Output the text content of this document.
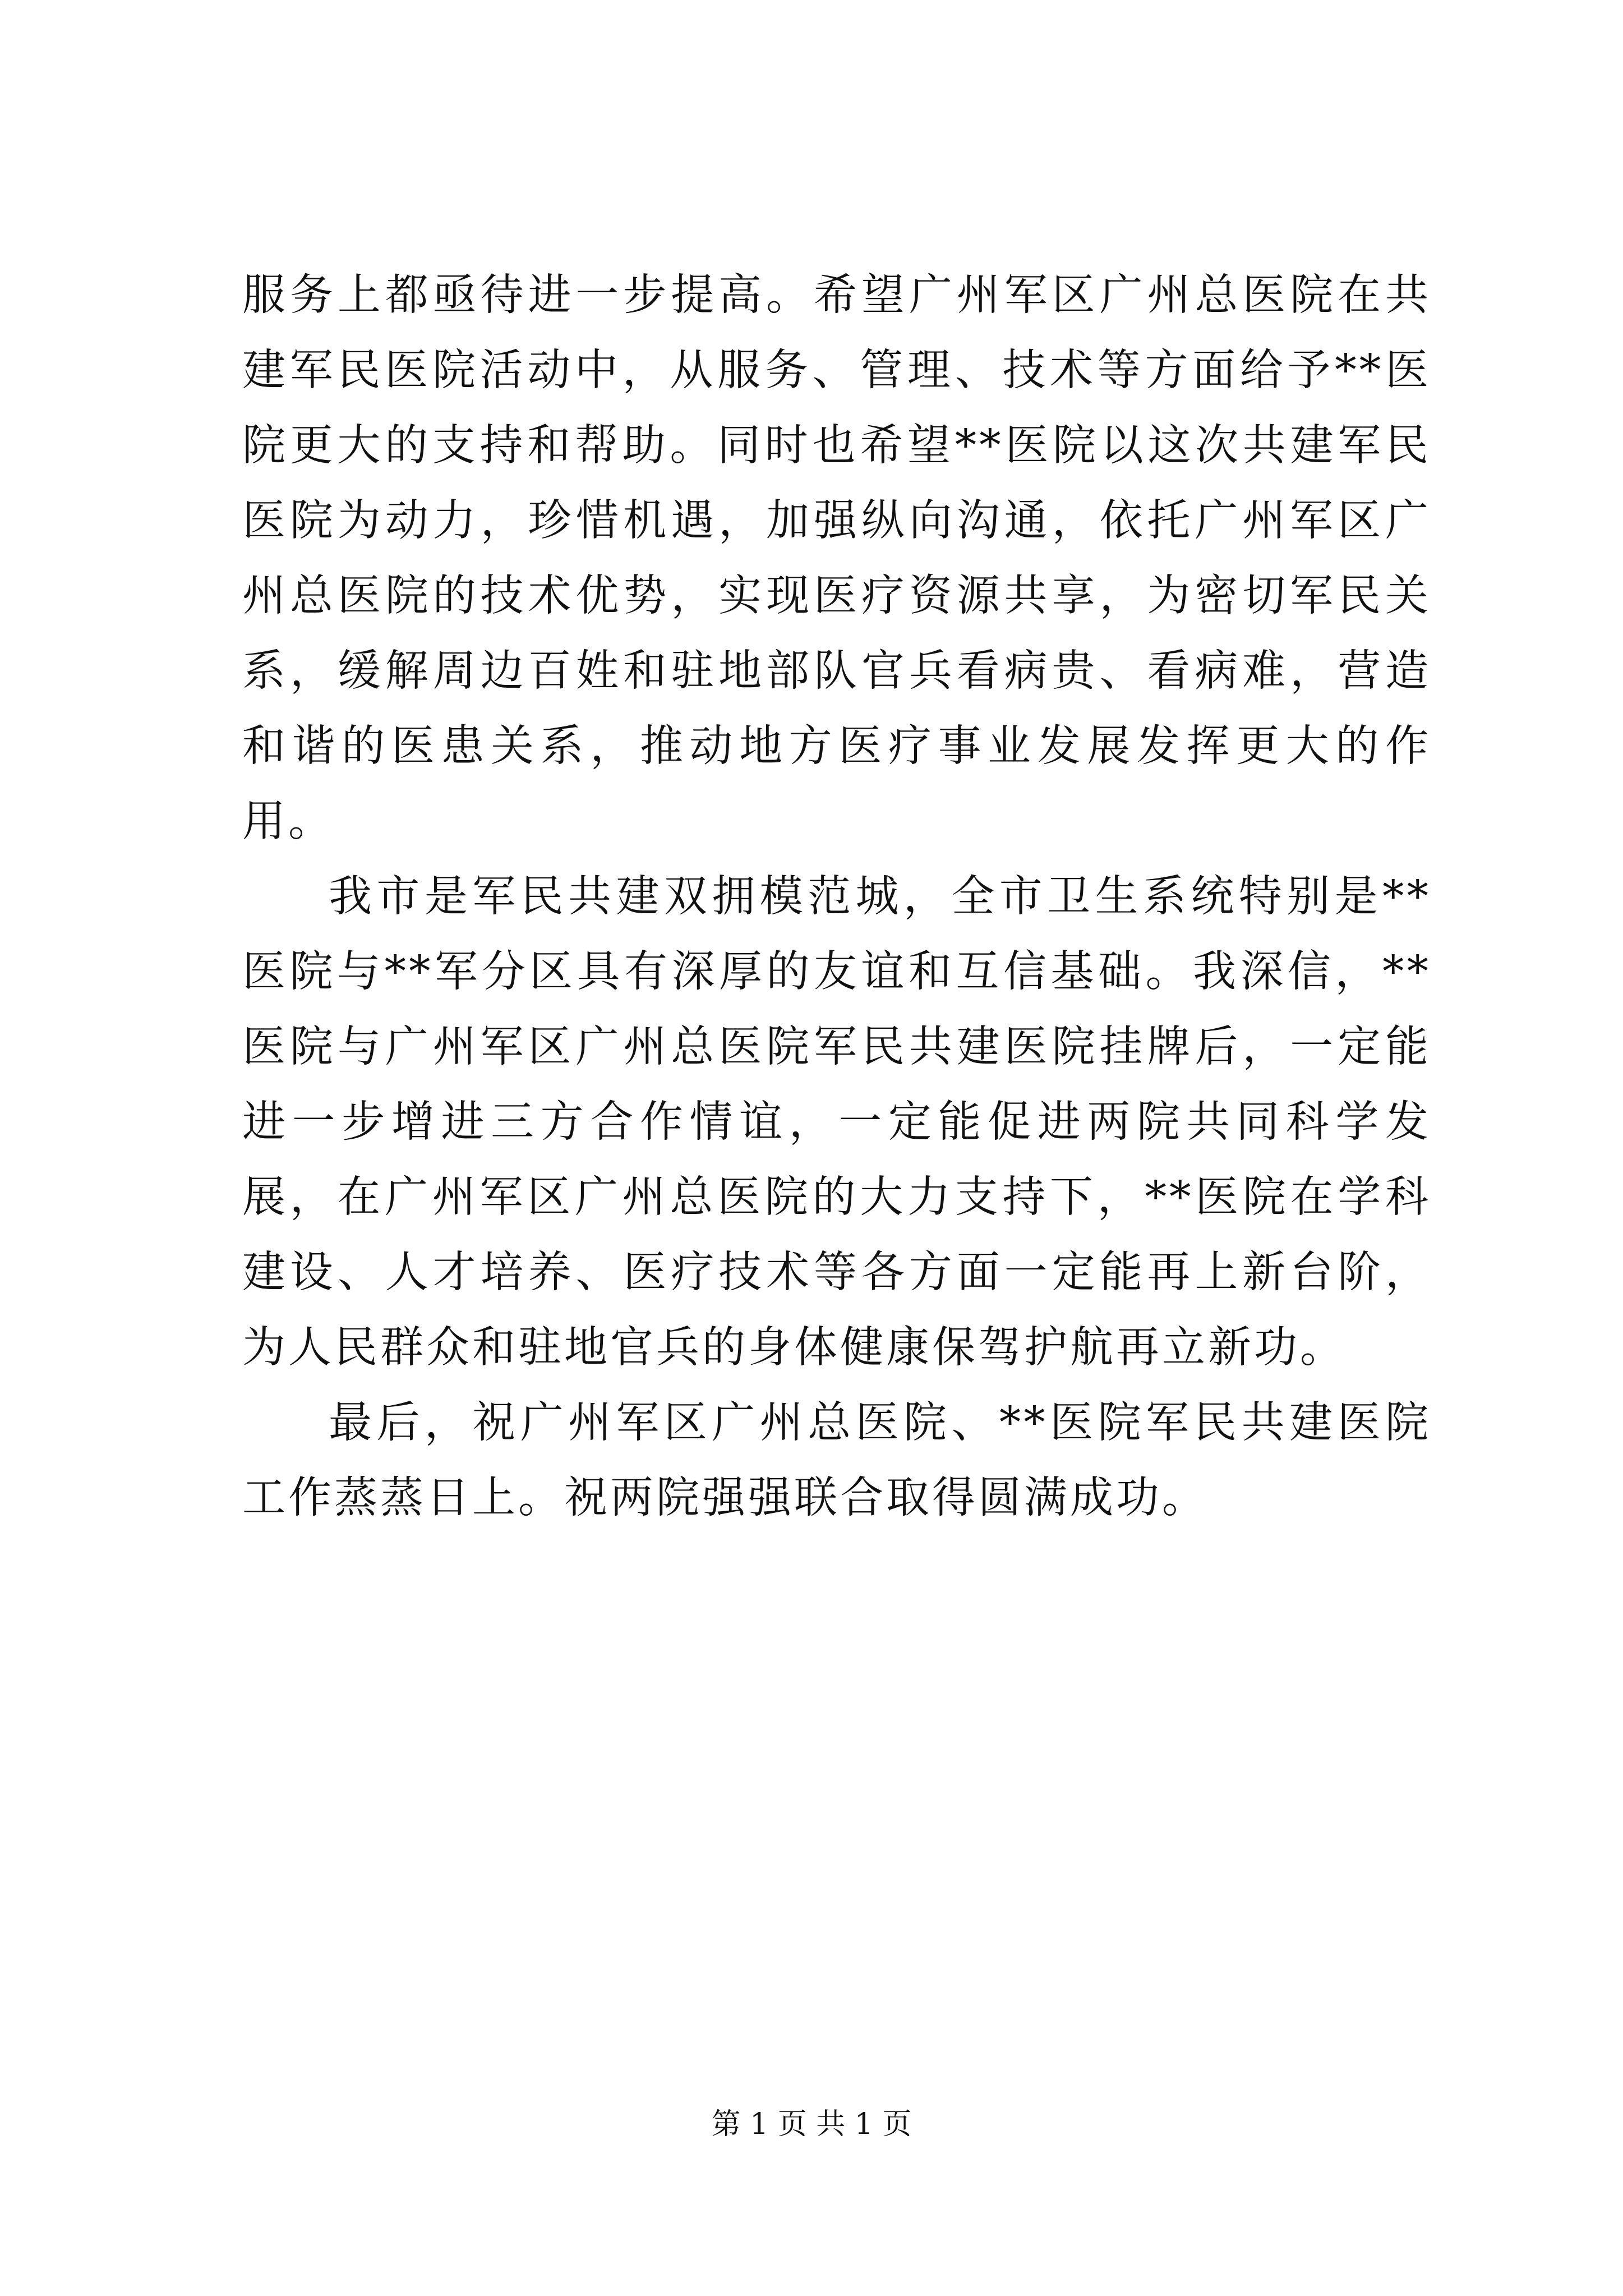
服务上都亟待进一步提高。希望广州军区广州总医院在共建军民医院活动中，从服务、管理、技术等方面给予**医院更大的支持和帮助。同时也希望**医院以这次共建军民医院为动力，珍惜机遇，加强纵向沟通，依托广州军区广州总医院的技术优势，实现医疗资源共享，为密切军民关系，缓解周边百姓和驻地部队官兵看病贵、看病难，营造和谐的医患关系，推动地方医疗事业发展发挥更大的作用。

我市是军民共建双拥模范城，全市卫生系统特别是**医院与**军分区具有深厚的友谊和互信基础。我深信，**医院与广州军区广州总医院军民共建医院挂牌后，一定能进一步增进三方合作情谊，一定能促进两院共同科学发展，在广州军区广州总医院的大力支持下，**医院在学科建设、人才培养、医疗技术等各方面一定能再上新台阶，为人民群众和驻地官兵的身体健康保驾护航再立新功。

最后，祝广州军区广州总医院、**医院军民共建医院工作蒸蒸日上。祝两院强强联合取得圆满成功。

第 1 页 共 1 页
